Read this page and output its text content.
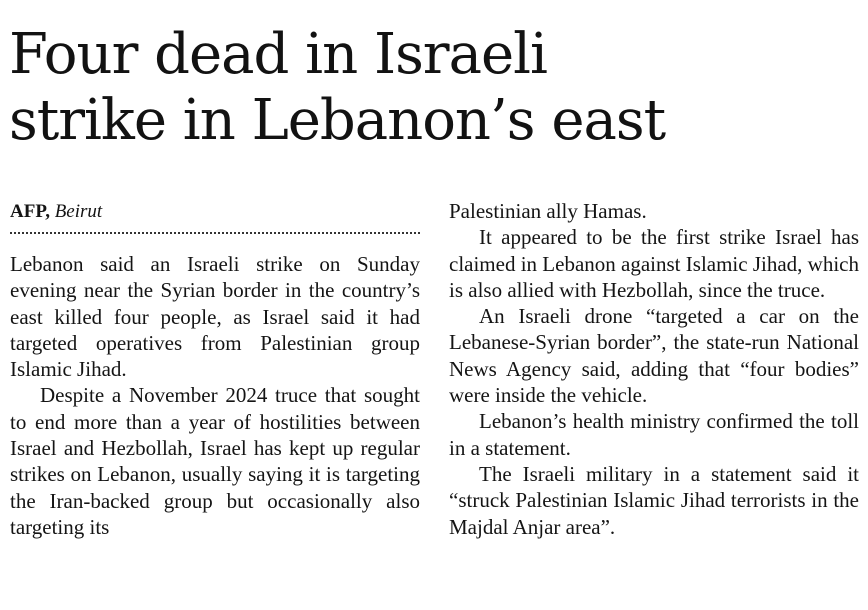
Four dead in Israeli
strike in Lebanon’s east
AFP, Beirut

Lebanon said an Israeli strike on Sunday evening near the Syrian border in the country’s east killed four people, as Israel said it had targeted operatives from Palestinian group Islamic Jihad.

Despite a November 2024 truce that sought to end more than a year of hostilities between Israel and Hezbollah, Israel has kept up regular strikes on Lebanon, usually saying it is targeting the Iran-backed group but occasionally also targeting its

Palestinian ally Hamas.

It appeared to be the first strike Israel has claimed in Lebanon against Islamic Jihad, which is also allied with Hezbollah, since the truce.

An Israeli drone “targeted a car on the Lebanese-Syrian border”, the state-run National News Agency said, adding that “four bodies” were inside the vehicle.

Lebanon’s health ministry confirmed the toll in a statement.

The Israeli military in a statement said it “struck Palestinian Islamic Jihad terrorists in the Majdal Anjar area”.
